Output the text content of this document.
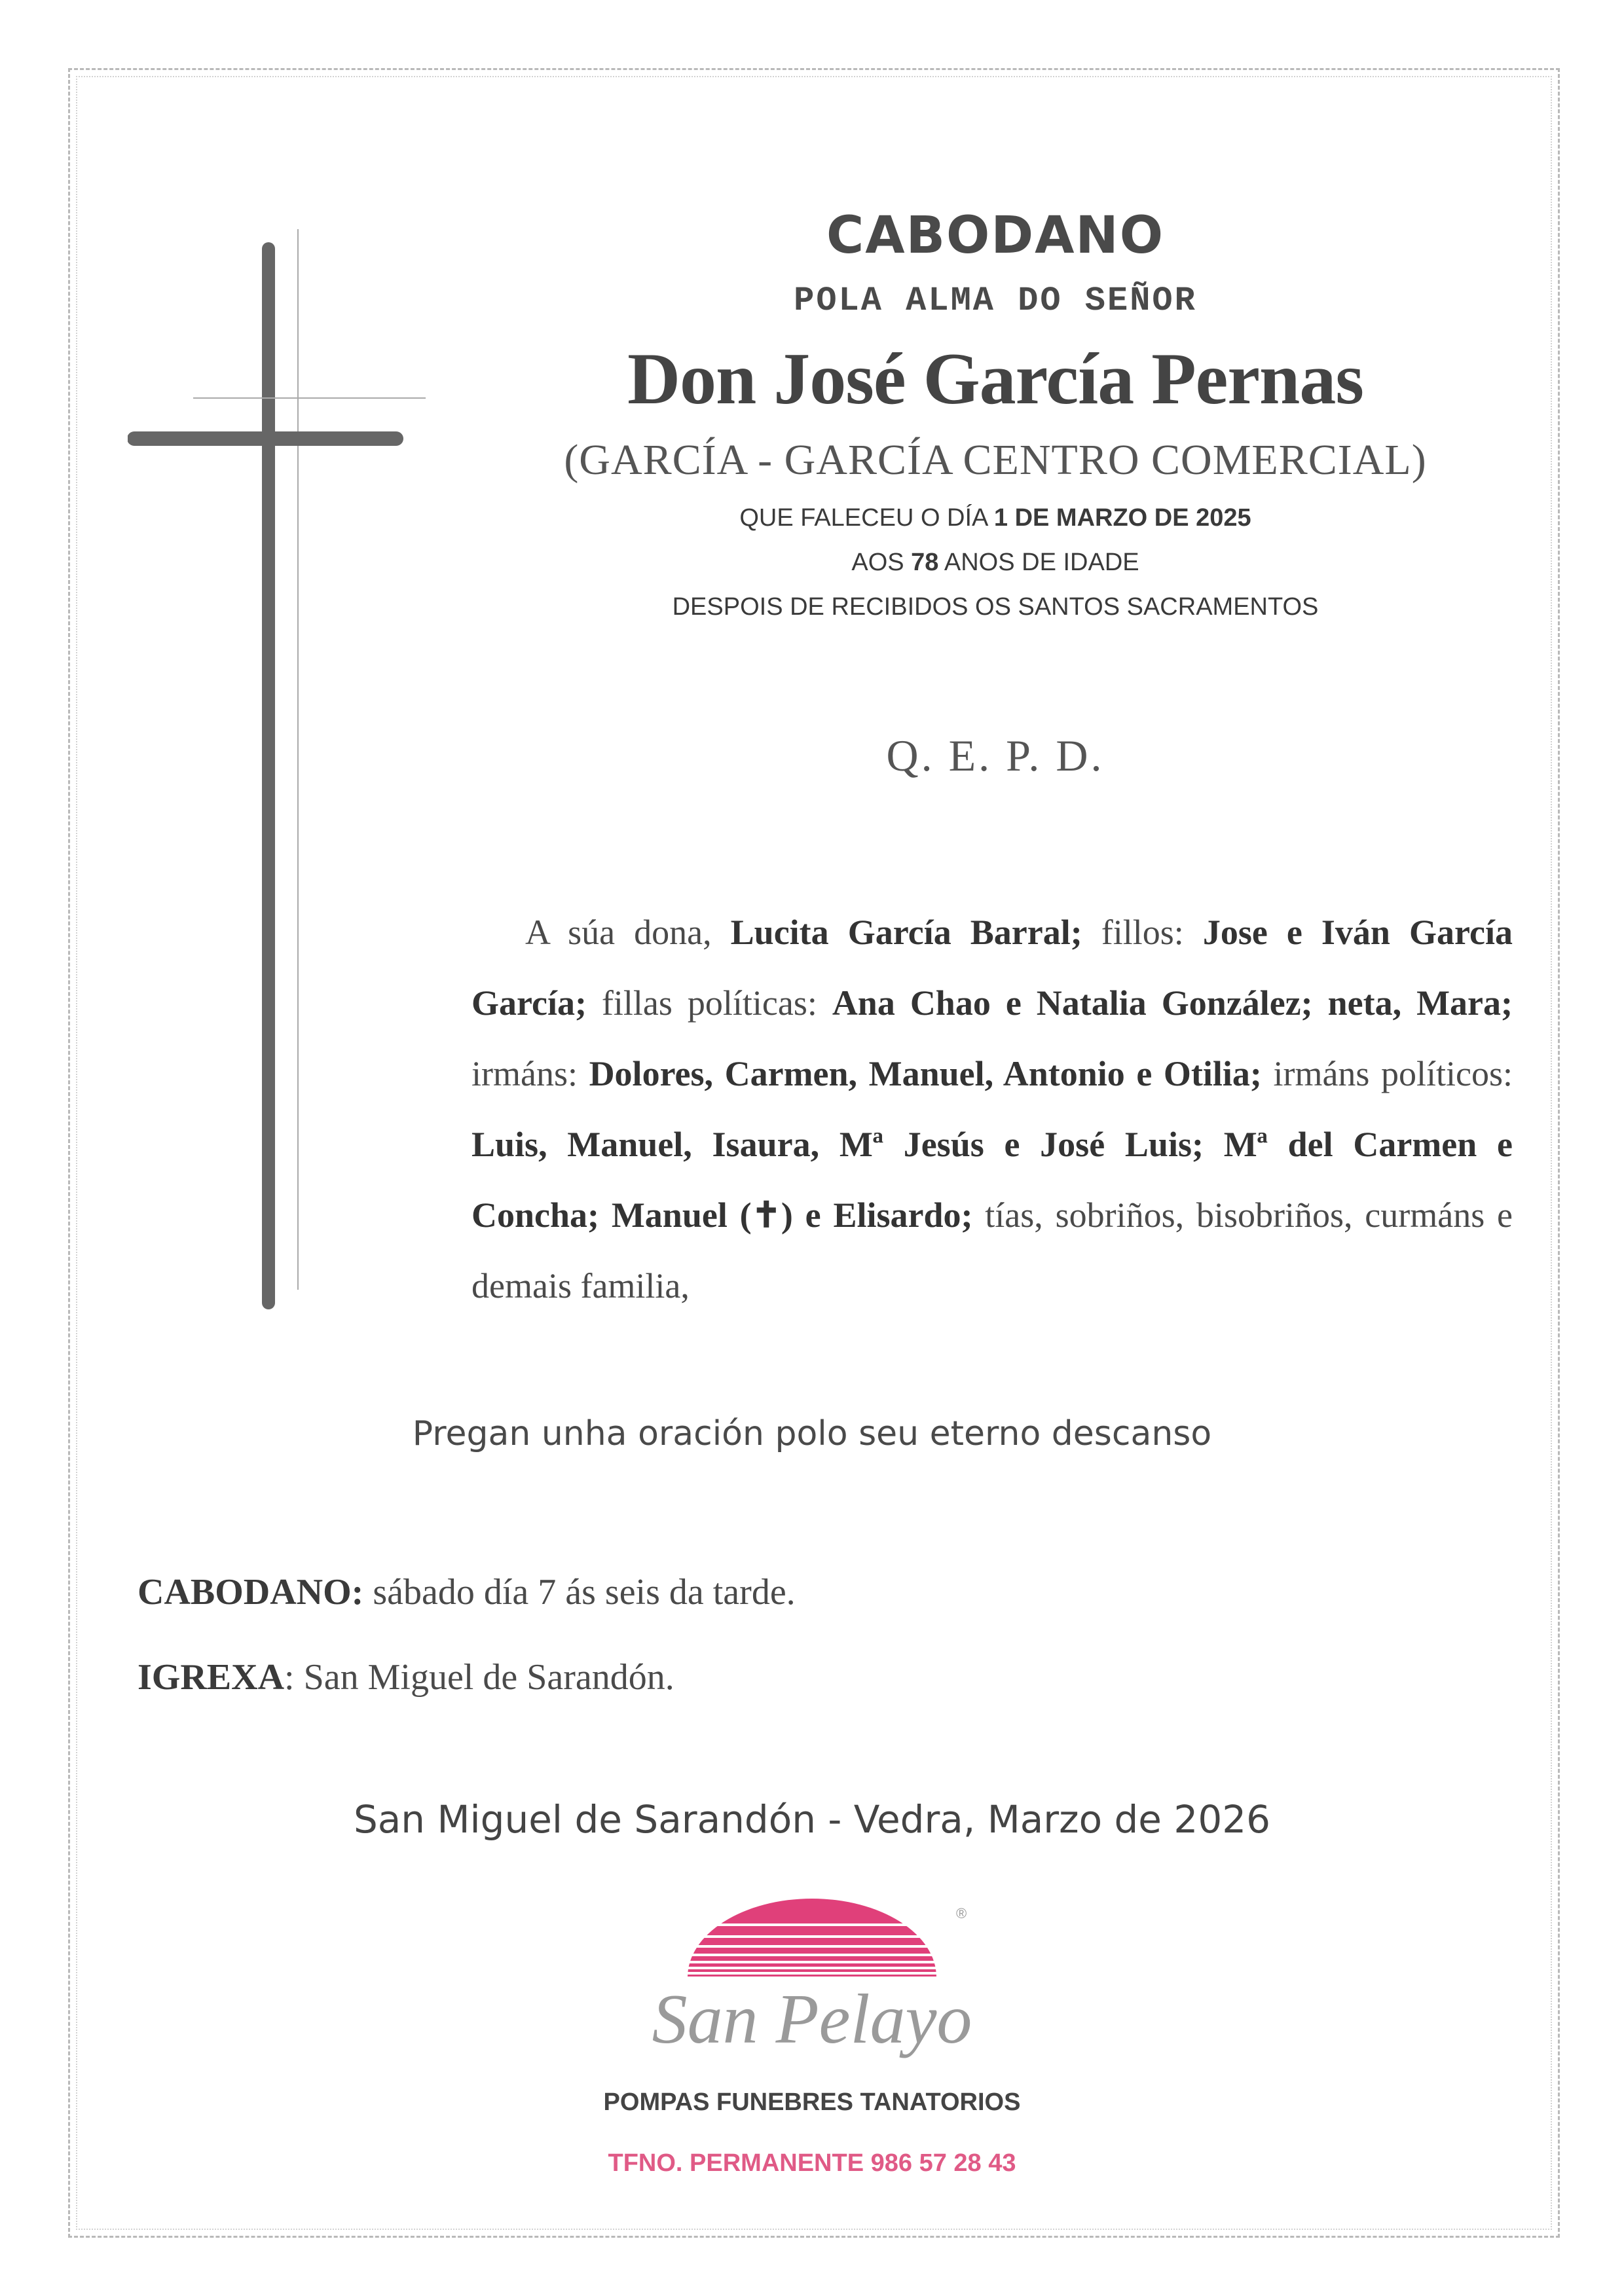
CABODANO
POLA ALMA DO SEÑOR
Don José García Pernas
(GARCÍA - GARCÍA CENTRO COMERCIAL)
QUE FALECEU O DÍA 1 DE MARZO DE 2025
AOS 78 ANOS DE IDADE
DESPOIS DE RECIBIDOS OS SANTOS SACRAMENTOS
Q. E. P. D.
A súa dona, Lucita García Barral; fillos: Jose e Iván García García; fillas políticas: Ana Chao e Natalia González; neta, Mara; irmáns: Dolores, Carmen, Manuel, Antonio e Otilia; irmáns políticos: Luis, Manuel, Isaura, Mª Jesús e José Luis; Mª del Carmen e Concha; Manuel (✝) e Elisardo; tías, sobriños, bisobriños, curmáns e demais familia,
Pregan unha oración polo seu eterno descanso
CABODANO: sábado día 7 ás seis da tarde.
IGREXA: San Miguel de Sarandón.
San Miguel de Sarandón - Vedra, Marzo de 2026
®
San Pelayo
POMPAS FUNEBRES TANATORIOS
TFNO. PERMANENTE 986 57 28 43
